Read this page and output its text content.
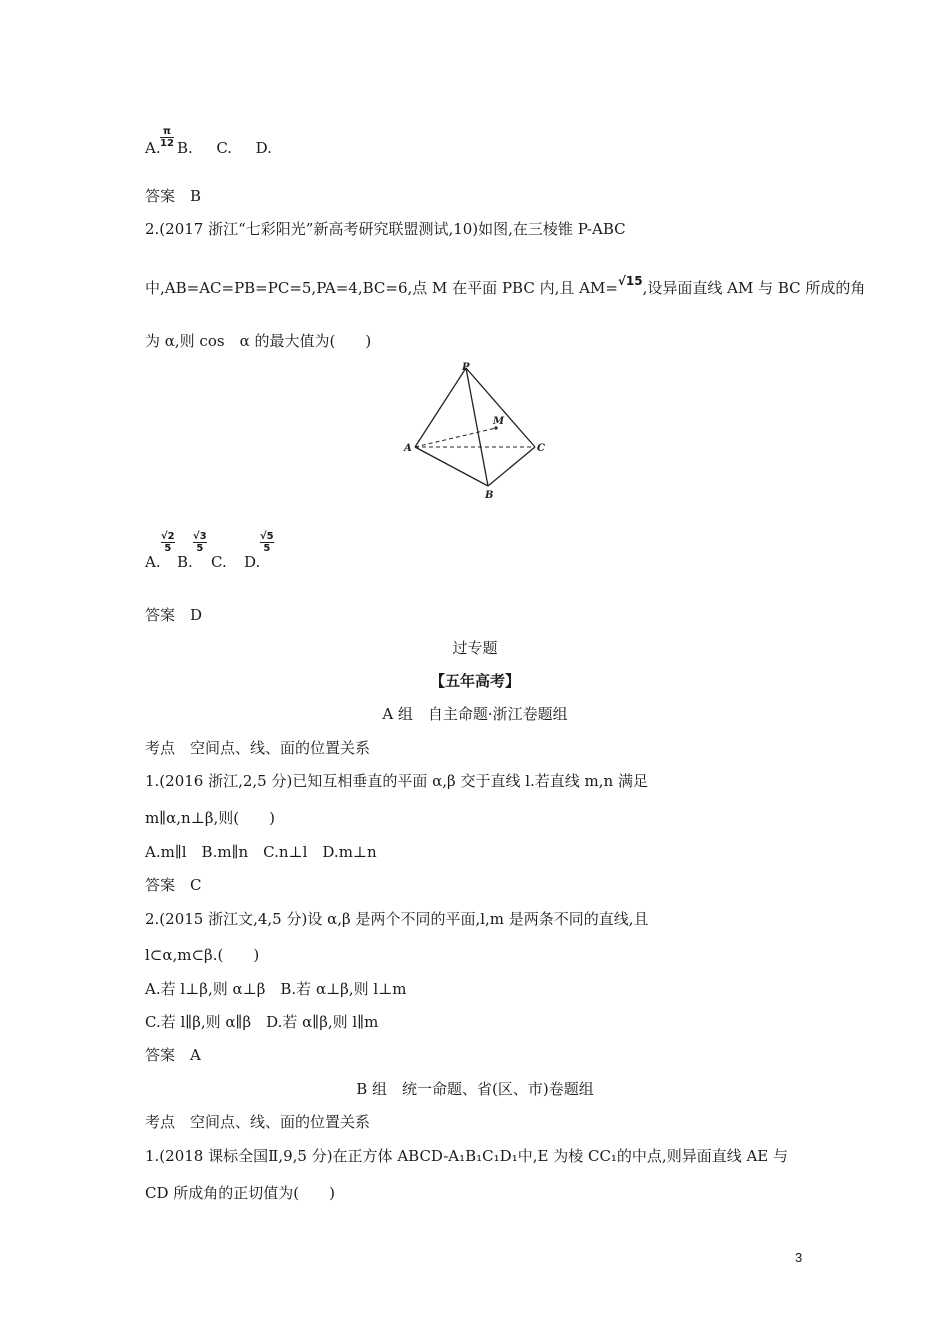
A. $\frac{\pi}{12} B$. C. D.
答案　B
2.(2017 浙江“七彩阳光”新高考研究联盟测试,10)如图,在三棱锥 P-ABC
中,AB=AC=PB=PC=5,PA=4,BC=6,点 M 在平面 PBC 内,且 AM=$^{√15}$,设异面直线 AM 与 BC 所成的角
为 α,则 cos　α 的最大值为(　　)
P
A	C
B
M
A.
$\frac{√2}{5}$
B.
$\frac{√3}{5}$
C. D.
$\frac{√5}{5}$
答案　D
过专题
【五年高考】
A 组　自主命题·浙江卷题组
考点　空间点、线、面的位置关系
1.(2016 浙江,2,5 分)已知互相垂直的平面 α,β 交于直线 l.若直线 m,n 满足
m∥α,n⊥β,则(　　)
A.m∥l　B.m∥n　C.n⊥l　D.m⊥n
答案　C
2.(2015 浙江文,4,5 分)设 α,β 是两个不同的平面,l,m 是两条不同的直线,且
l⊂α,m⊂β.(　　)
A.若 l⊥β,则 α⊥β　B.若 α⊥β,则 l⊥m
C.若 l∥β,则 α∥β　D.若 α∥β,则 l∥m
答案　A
B 组　统一命题、省(区、市)卷题组
考点　空间点、线、面的位置关系
1.(2018 课标全国Ⅱ,9,5 分)在正方体 ABCD-A₁B₁C₁D₁中,E 为棱 CC₁的中点,则异面直线 AE 与
CD 所成角的正切值为(　　)
3
